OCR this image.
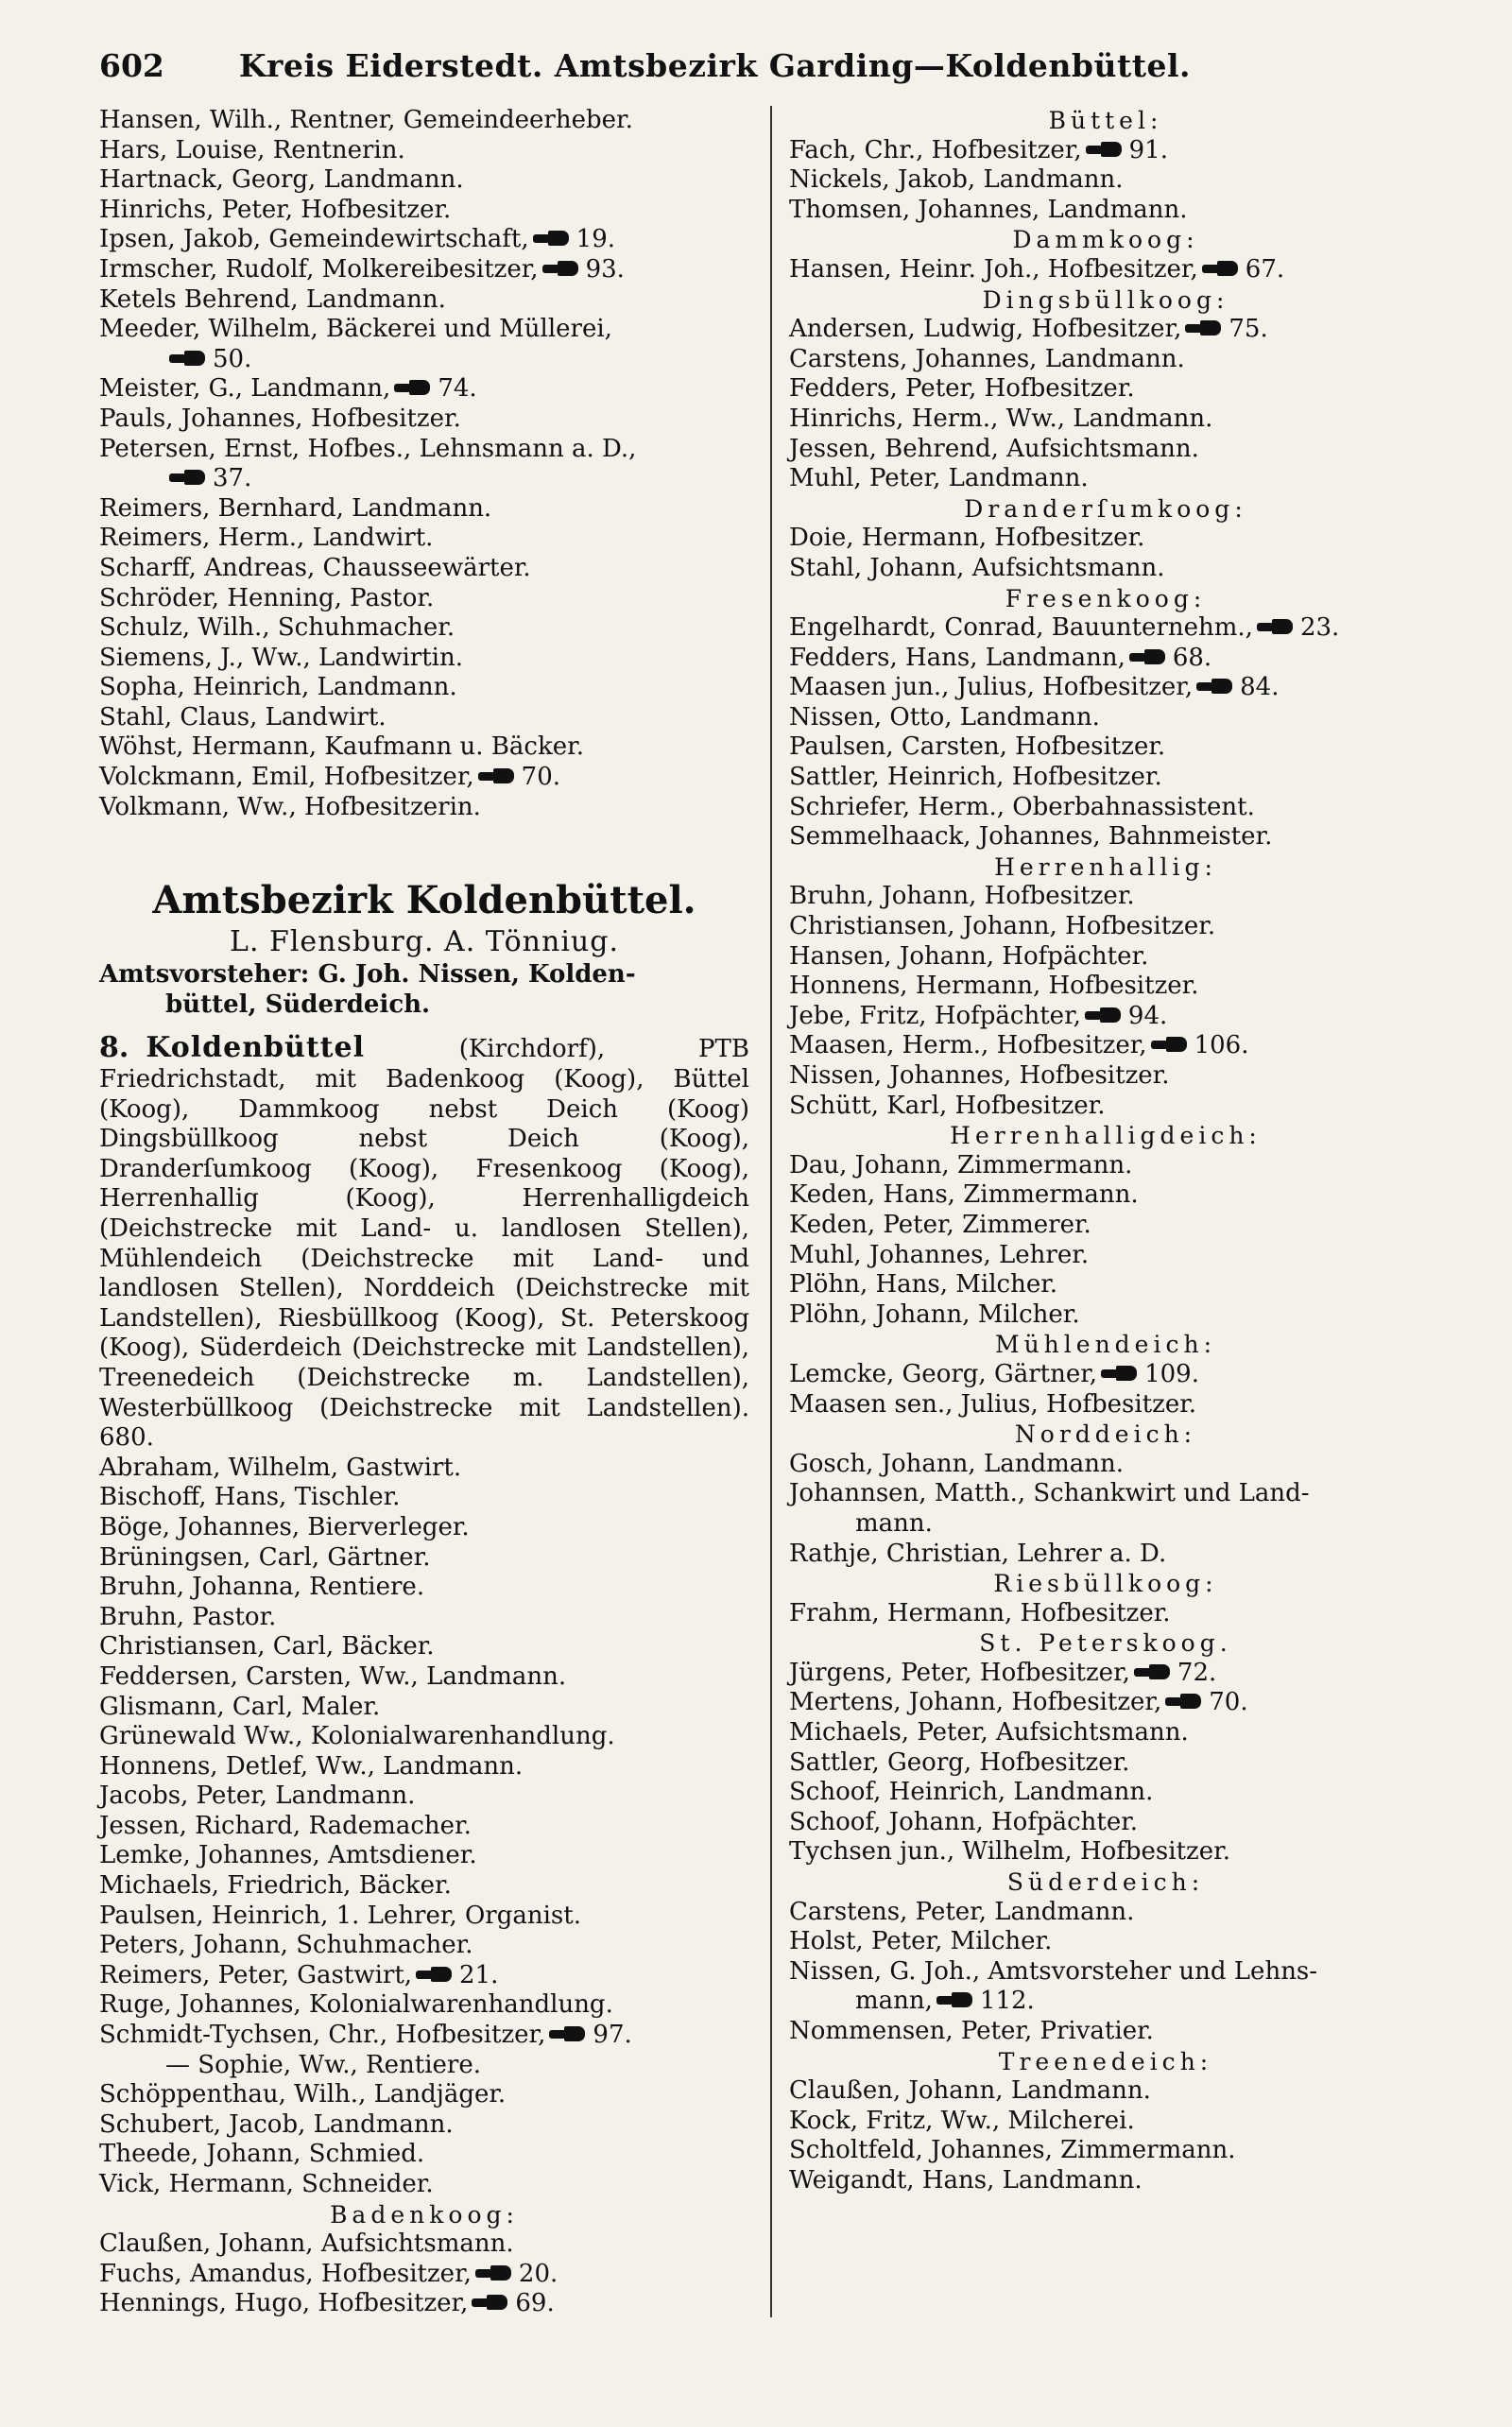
602 Kreis Eiderstedt. Amtsbezirk Garding—Koldenbüttel.
Hansen, Wilh., Rentner, Gemeindeerheber.
Hars, Louise, Rentnerin.
Hartnack, Georg, Landmann.
Hinrichs, Peter, Hofbesitzer.
Ipsen, Jakob, Gemeindewirtschaft, 19.
Irmscher, Rudolf, Molkereibesitzer, 93.
Ketels Behrend, Landmann.
Meeder, Wilhelm, Bäckerei und Müllerei,
50.
Meister, G., Landmann, 74.
Pauls, Johannes, Hofbesitzer.
Petersen, Ernst, Hofbes., Lehnsmann a. D.,
37.
Reimers, Bernhard, Landmann.
Reimers, Herm., Landwirt.
Scharff, Andreas, Chausseewärter.
Schröder, Henning, Pastor.
Schulz, Wilh., Schuhmacher.
Siemens, J., Ww., Landwirtin.
Sopha, Heinrich, Landmann.
Stahl, Claus, Landwirt.
Wöhst, Hermann, Kaufmann u. Bäcker.
Volckmann, Emil, Hofbesitzer, 70.
Volkmann, Ww., Hofbesitzerin.
Amtsbezirk Koldenbüttel.
L. Flensburg. A. Tönniug.
Amtsvorsteher: G. Joh. Nissen, Kolden-
büttel, Süderdeich.
8. Koldenbüttel	(Kirchdorf), PTB Friedrichstadt, mit Badenkoog (Koog), Büttel (Koog), Dammkoog nebst Deich (Koog) Dingsbüllkoog nebst Deich (Koog), Dranderſumkoog (Koog), Fresenkoog (Koog), Herrenhallig (Koog), Herrenhalligdeich (Deichstrecke mit Land- u. landlosen Stellen), Mühlendeich (Deichstrecke mit Land- und landlosen Stellen), Norddeich (Deichstrecke mit Landstellen), Riesbüllkoog (Koog), St. Peterskoog (Koog), Süderdeich (Deichstrecke mit Landstellen), Treenedeich (Deichstrecke m. Landstellen), Westerbüllkoog (Deichstrecke mit Landstellen). 680.
Abraham, Wilhelm, Gastwirt.
Bischoff, Hans, Tischler.
Böge, Johannes, Bierverleger.
Brüningsen, Carl, Gärtner.
Bruhn, Johanna, Rentiere.
Bruhn, Pastor.
Christiansen, Carl, Bäcker.
Feddersen, Carsten, Ww., Landmann.
Glismann, Carl, Maler.
Grünewald Ww., Kolonialwarenhandlung.
Honnens, Detlef, Ww., Landmann.
Jacobs, Peter, Landmann.
Jessen, Richard, Rademacher.
Lemke, Johannes, Amtsdiener.
Michaels, Friedrich, Bäcker.
Paulsen, Heinrich, 1. Lehrer, Organist.
Peters, Johann, Schuhmacher.
Reimers, Peter, Gastwirt, 21.
Ruge, Johannes, Kolonialwarenhandlung.
Schmidt-Tychsen, Chr., Hofbesitzer, 97.
— Sophie, Ww., Rentiere.
Schöppenthau, Wilh., Landjäger.
Schubert, Jacob, Landmann.
Theede, Johann, Schmied.
Vick, Hermann, Schneider.
Badenkoog:
Claußen, Johann, Aufsichtsmann.
Fuchs, Amandus, Hofbesitzer, 20.
Hennings, Hugo, Hofbesitzer, 69.
Büttel:
Fach, Chr., Hofbesitzer, 91.
Nickels, Jakob, Landmann.
Thomsen, Johannes, Landmann.
Dammkoog:
Hansen, Heinr. Joh., Hofbesitzer, 67.
Dingsbüllkoog:
Andersen, Ludwig, Hofbesitzer, 75.
Carstens, Johannes, Landmann.
Fedders, Peter, Hofbesitzer.
Hinrichs, Herm., Ww., Landmann.
Jessen, Behrend, Aufsichtsmann.
Muhl, Peter, Landmann.
Dranderſumkoog:
Doie, Hermann, Hofbesitzer.
Stahl, Johann, Aufsichtsmann.
Fresenkoog:
Engelhardt, Conrad, Bauunternehm., 23.
Fedders, Hans, Landmann, 68.
Maasen jun., Julius, Hofbesitzer, 84.
Nissen, Otto, Landmann.
Paulsen, Carsten, Hofbesitzer.
Sattler, Heinrich, Hofbesitzer.
Schriefer, Herm., Oberbahnassistent.
Semmelhaack, Johannes, Bahnmeister.
Herrenhallig:
Bruhn, Johann, Hofbesitzer.
Christiansen, Johann, Hofbesitzer.
Hansen, Johann, Hofpächter.
Honnens, Hermann, Hofbesitzer.
Jebe, Fritz, Hofpächter, 94.
Maasen, Herm., Hofbesitzer, 106.
Nissen, Johannes, Hofbesitzer.
Schütt, Karl, Hofbesitzer.
Herrenhalligdeich:
Dau, Johann, Zimmermann.
Keden, Hans, Zimmermann.
Keden, Peter, Zimmerer.
Muhl, Johannes, Lehrer.
Plöhn, Hans, Milcher.
Plöhn, Johann, Milcher.
Mühlendeich:
Lemcke, Georg, Gärtner, 109.
Maasen sen., Julius, Hofbesitzer.
Norddeich:
Gosch, Johann, Landmann.
Johannsen, Matth., Schankwirt und Land-
mann.
Rathje, Christian, Lehrer a. D.
Riesbüllkoog:
Frahm, Hermann, Hofbesitzer.
St. Peterskoog.
Jürgens, Peter, Hofbesitzer, 72.
Mertens, Johann, Hofbesitzer, 70.
Michaels, Peter, Aufsichtsmann.
Sattler, Georg, Hofbesitzer.
Schoof, Heinrich, Landmann.
Schoof, Johann, Hofpächter.
Tychsen jun., Wilhelm, Hofbesitzer.
Süderdeich:
Carstens, Peter, Landmann.
Holst, Peter, Milcher.
Nissen, G. Joh., Amtsvorsteher und Lehns-
mann, 112.
Nommensen, Peter, Privatier.
Treenedeich:
Claußen, Johann, Landmann.
Kock, Fritz, Ww., Milcherei.
Scholtfeld, Johannes, Zimmermann.
Weigandt, Hans, Landmann.
